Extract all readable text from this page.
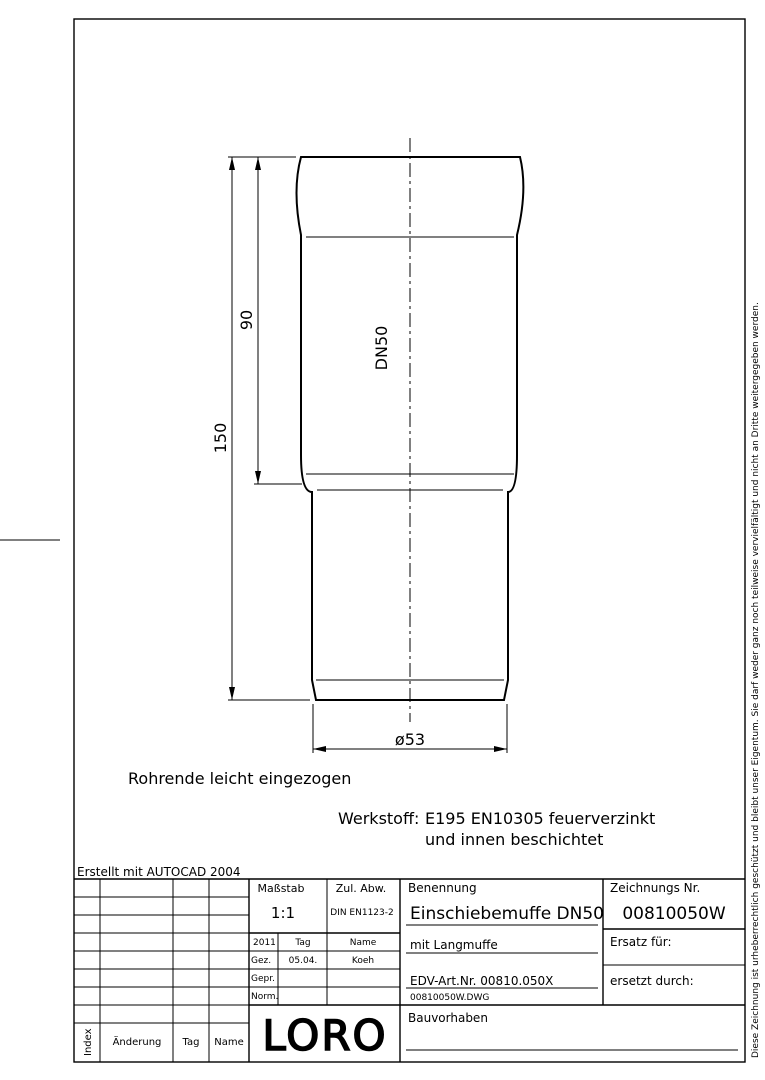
Diese Zeichnung ist urheberrechtlich geschützt und bleibt unser Eigentum. Sie darf weder ganz noch teilweise vervielfältigt und nicht an Dritte weitergegeben werden.
150
90
DN50
ø53
Rohrende leicht eingezogen
Werkstoff: E195 EN10305 feuerverzinkt
und innen beschichtet
Erstellt mit AUTOCAD 2004
Index Änderung Tag Name
Maßstab
1:1
Zul. Abw.
DIN EN1123-2
2011 Tag	Name
Gez. 05.04.	Koeh
Gepr.
Norm.
LORO
Benennung
Einschiebemuffe DN50
Zeichnungs Nr.
00810050W
mit Langmuffe	Ersatz für:
EDV-Art.Nr. 00810.050X	ersetzt durch:
00810050W.DWG
Bauvorhaben
